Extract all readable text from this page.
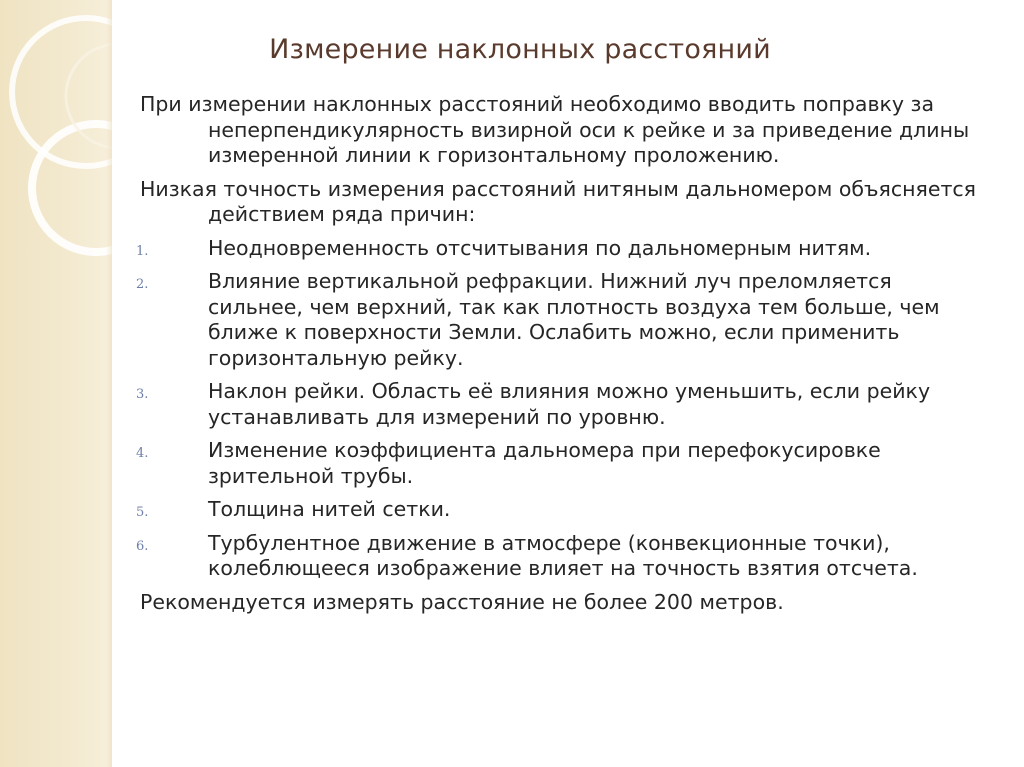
Измерение наклонных расстояний

При измерении наклонных расстояний необходимо вводить поправку за неперпендикулярность визирной оси к рейке и за приведение длины измеренной линии к горизонтальному проложению.

Низкая точность измерения расстояний нитяным дальномером объясняется действием ряда причин:

1.	Неодновременность отсчитывания по дальномерным нитям.
2.	Влияние вертикальной рефракции. Нижний луч преломляется сильнее, чем верхний, так как плотность воздуха тем больше, чем ближе к поверхности Земли. Ослабить можно, если применить горизонтальную рейку.
3.	Наклон рейки. Область её влияния можно уменьшить, если рейку устанавливать для измерений по уровню.
4.	Изменение коэффициента дальномера при перефокусировке зрительной трубы.
5.	Толщина нитей сетки.
6.	Турбулентное движение в атмосфере (конвекционные точки), колеблющееся изображение влияет на точность взятия отсчета.

Рекомендуется измерять расстояние не более 200 метров.
